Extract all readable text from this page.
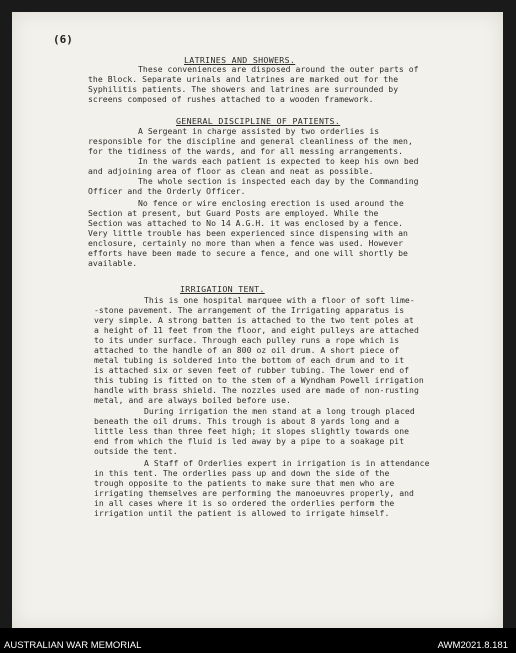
(6)
LATRINES AND SHOWERS.
These conveniences are disposed around the outer parts of
the Block. Separate urinals and latrines are marked out for the
Syphilitis patients. The showers and latrines are surrounded by
screens composed of rushes attached to a wooden framework.
GENERAL DISCIPLINE OF PATIENTS.
A Sergeant in charge assisted by two orderlies is
responsible for the discipline and general cleanliness of the men,
for the tidiness of the wards, and for all messing arrangements.
In the wards each patient is expected to keep his own bed
and adjoining area of floor as clean and neat as possible.
The whole section is inspected each day by the Commanding
Officer and the Orderly Officer.
No fence or wire enclosing erection is used around the
Section at present, but Guard Posts are employed. While the
Section was attached to No 14 A.G.H. it was enclosed by a fence.
Very little trouble has been experienced since dispensing with an
enclosure, certainly no more than when a fence was used. However
efforts have been made to secure a fence, and one will shortly be
available.
IRRIGATION TENT.
This is one hospital marquee with a floor of soft lime-
-stone pavement. The arrangement of the Irrigating apparatus is
very simple. A strong batten is attached to the two tent poles at
a height of 11 feet from the floor, and eight pulleys are attached
to its under surface. Through each pulley runs a rope which is
attached to the handle of an 800 oz oil drum. A short piece of
metal tubing is soldered into the bottom of each drum and to it
is attached six or seven feet of rubber tubing. The lower end of
this tubing is fitted on to the stem of a Wyndham Powell irrigation
handle with brass shield. The nozzles used are made of non-rusting
metal, and are always boiled before use.
During irrigation the men stand at a long trough placed
beneath the oil drums. This trough is about 8 yards long and a
little less than three feet high; it slopes slightly towards one
end from which the fluid is led away by a pipe to a soakage pit
outside the tent.
A Staff of Orderlies expert in irrigation is in attendance
in this tent. The orderlies pass up and down the side of the
trough opposite to the patients to make sure that men who are
irrigating themselves are performing the manoeuvres properly, and
in all cases where it is so ordered the orderlies perform the
irrigation until the patient is allowed to irrigate himself.
AUSTRALIAN WAR MEMORIAL	AWM2021.8.181
